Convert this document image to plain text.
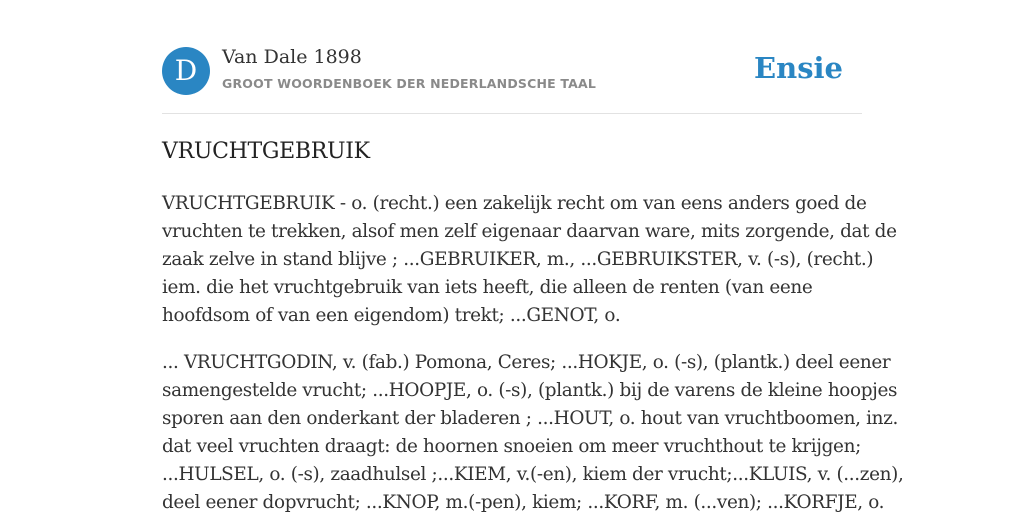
D	Van Dale 1898
GROOT WOORDENBOEK DER NEDERLANDSCHE TAAL	Ensie
VRUCHTGEBRUIK

VRUCHTGEBRUIK - o. (recht.) een zakelijk recht om van eens anders goed de
vruchten te trekken, alsof men zelf eigenaar daarvan ware, mits zorgende, dat de
zaak zelve in stand blijve ; ...GEBRUIKER, m., ...GEBRUIKSTER, v. (-s), (recht.)
iem. die het vruchtgebruik van iets heeft, die alleen de renten (van eene
hoofdsom of van een eigendom) trekt; ...GENOT, o.

... VRUCHTGODIN, v. (fab.) Pomona, Ceres; ...HOKJE, o. (-s), (plantk.) deel eener
samengestelde vrucht; ...HOOPJE, o. (-s), (plantk.) bij de varens de kleine hoopjes
sporen aan den onderkant der bladeren ; ...HOUT, o. hout van vruchtboomen, inz.
dat veel vruchten draagt: de hoornen snoeien om meer vruchthout te krijgen;
...HULSEL, o. (-s), zaadhulsel ;...KIEM, v.(-en), kiem der vrucht;...KLUIS, v. (...zen),
deel eener dopvrucht; ...KNOP, m.(-pen), kiem; ...KORF, m. (...ven); ...KORFJE, o.
